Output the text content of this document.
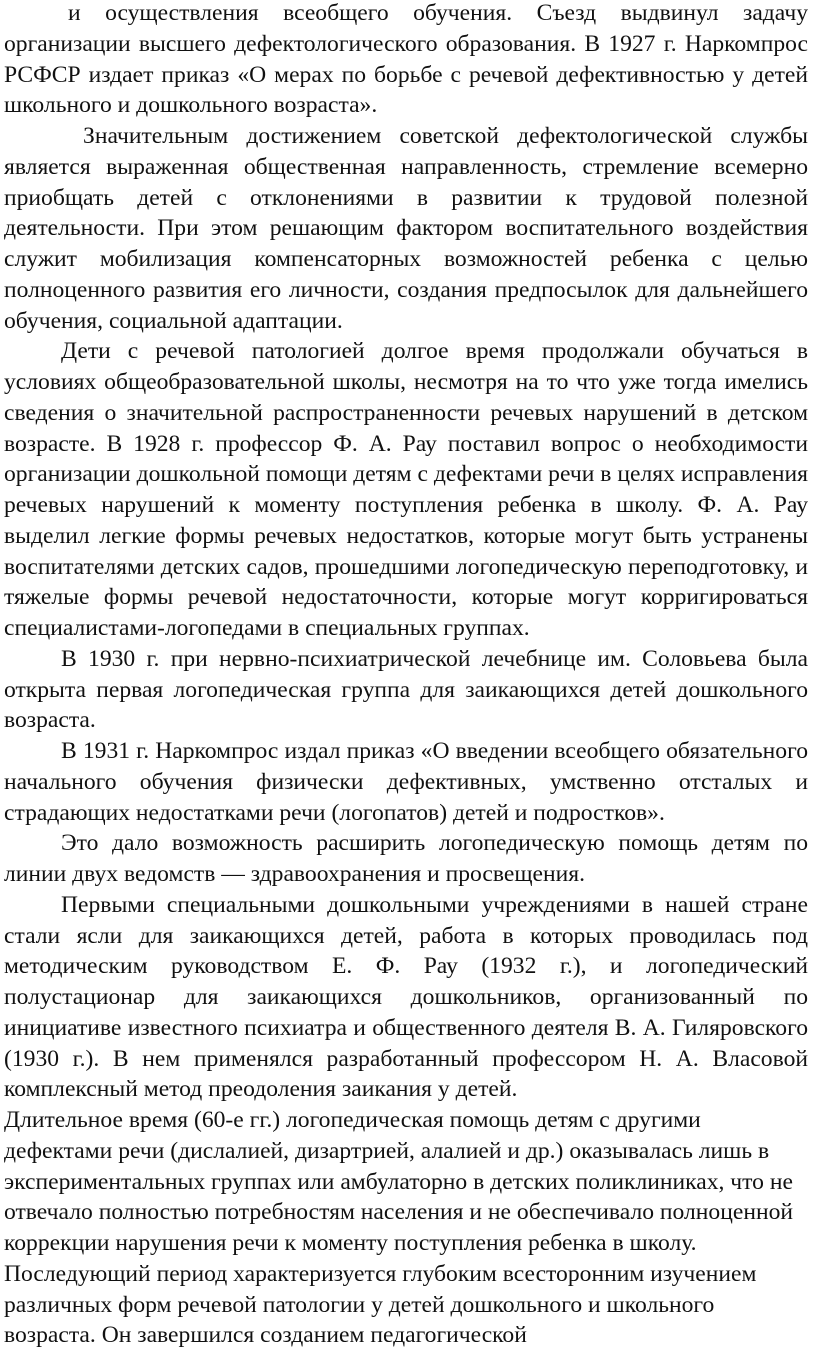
и осуществления всеобщего обучения. Съезд выдвинул задачу организации высшего дефектологического образования. В 1927 г. Наркомпрос РСФСР издает приказ «О мерах по борьбе с речевой дефективностью у детей школьного и дошкольного возраста».

Значительным достижением советской дефектологической службы является выраженная общественная направленность, стремление всемерно приобщать детей с отклонениями в развитии к трудовой полезной деятельности. При этом решающим фактором воспитательного воздействия служит мобилизация компенсаторных возможностей ребенка с целью полноценного развития его личности, создания предпосылок для дальнейшего обучения, социальной адаптации.

Дети с речевой патологией долгое время продолжали обучаться в условиях общеобразовательной школы, несмотря на то что уже тогда имелись сведения о значительной распространенности речевых нарушений в детском возрасте. В 1928 г. профессор Ф. А. Рау поставил вопрос о необходимости организации дошкольной помощи детям с дефектами речи в целях исправления речевых нарушений к моменту поступления ребенка в школу. Ф. А. Рау выделил легкие формы речевых недостатков, которые могут быть устранены воспитателями детских садов, прошедшими логопедическую переподготовку, и тяжелые формы речевой недостаточности, которые могут корригироваться специалистами-логопедами в специальных группах.

В 1930 г. при нервно-психиатрической лечебнице им. Соловьева была открыта первая логопедическая группа для заикающихся детей дошкольного возраста.

В 1931 г. Наркомпрос издал приказ «О введении всеобщего обязательного начального обучения физически дефективных, умственно отсталых и страдающих недостатками речи (логопатов) детей и подростков».

Это дало возможность расширить логопедическую помощь детям по линии двух ведомств — здравоохранения и просвещения.

Первыми специальными дошкольными учреждениями в нашей стране стали ясли для заикающихся детей, работа в которых проводилась под методическим руководством Е. Ф. Рау (1932 г.), и логопедический полустационар для заикающихся дошкольников, организованный по инициативе известного психиатра и общественного деятеля В. А. Гиляровского (1930 г.). В нем применялся разработанный профессором Н. А. Власовой комплексный метод преодоления заикания у детей.

Длительное время (60-е гг.) логопедическая помощь детям с другими дефектами речи (дислалией, дизартрией, алалией и др.) оказывалась лишь в экспериментальных группах или амбулаторно в детских поликлиниках, что не отвечало полностью потребностям населения и не обеспечивало полноценной коррекции нарушения речи к моменту поступления ребенка в школу. Последующий период характеризуется глубоким всесторонним изучением различных форм речевой патологии у детей дошкольного и школьного возраста. Он завершился созданием педагогической
